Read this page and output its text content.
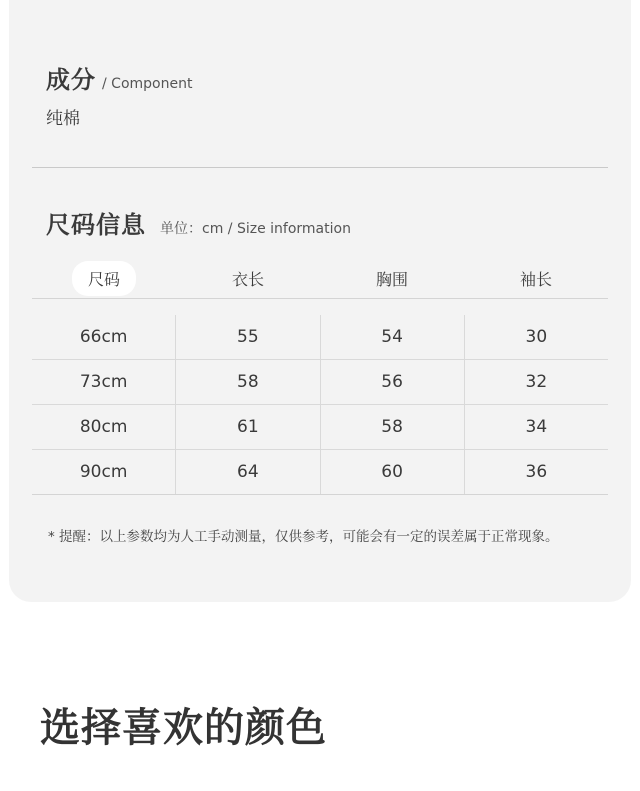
成分 / Component
纯棉
尺码信息 单位：cm / Size information
尺码	衣长	胸围	袖长
66cm	55	54	30
73cm	58	56	32
80cm	61	58	34
90cm	64	60	36
* 提醒：以上参数均为人工手动测量，仅供参考，可能会有一定的误差属于正常现象。
选择喜欢的颜色
